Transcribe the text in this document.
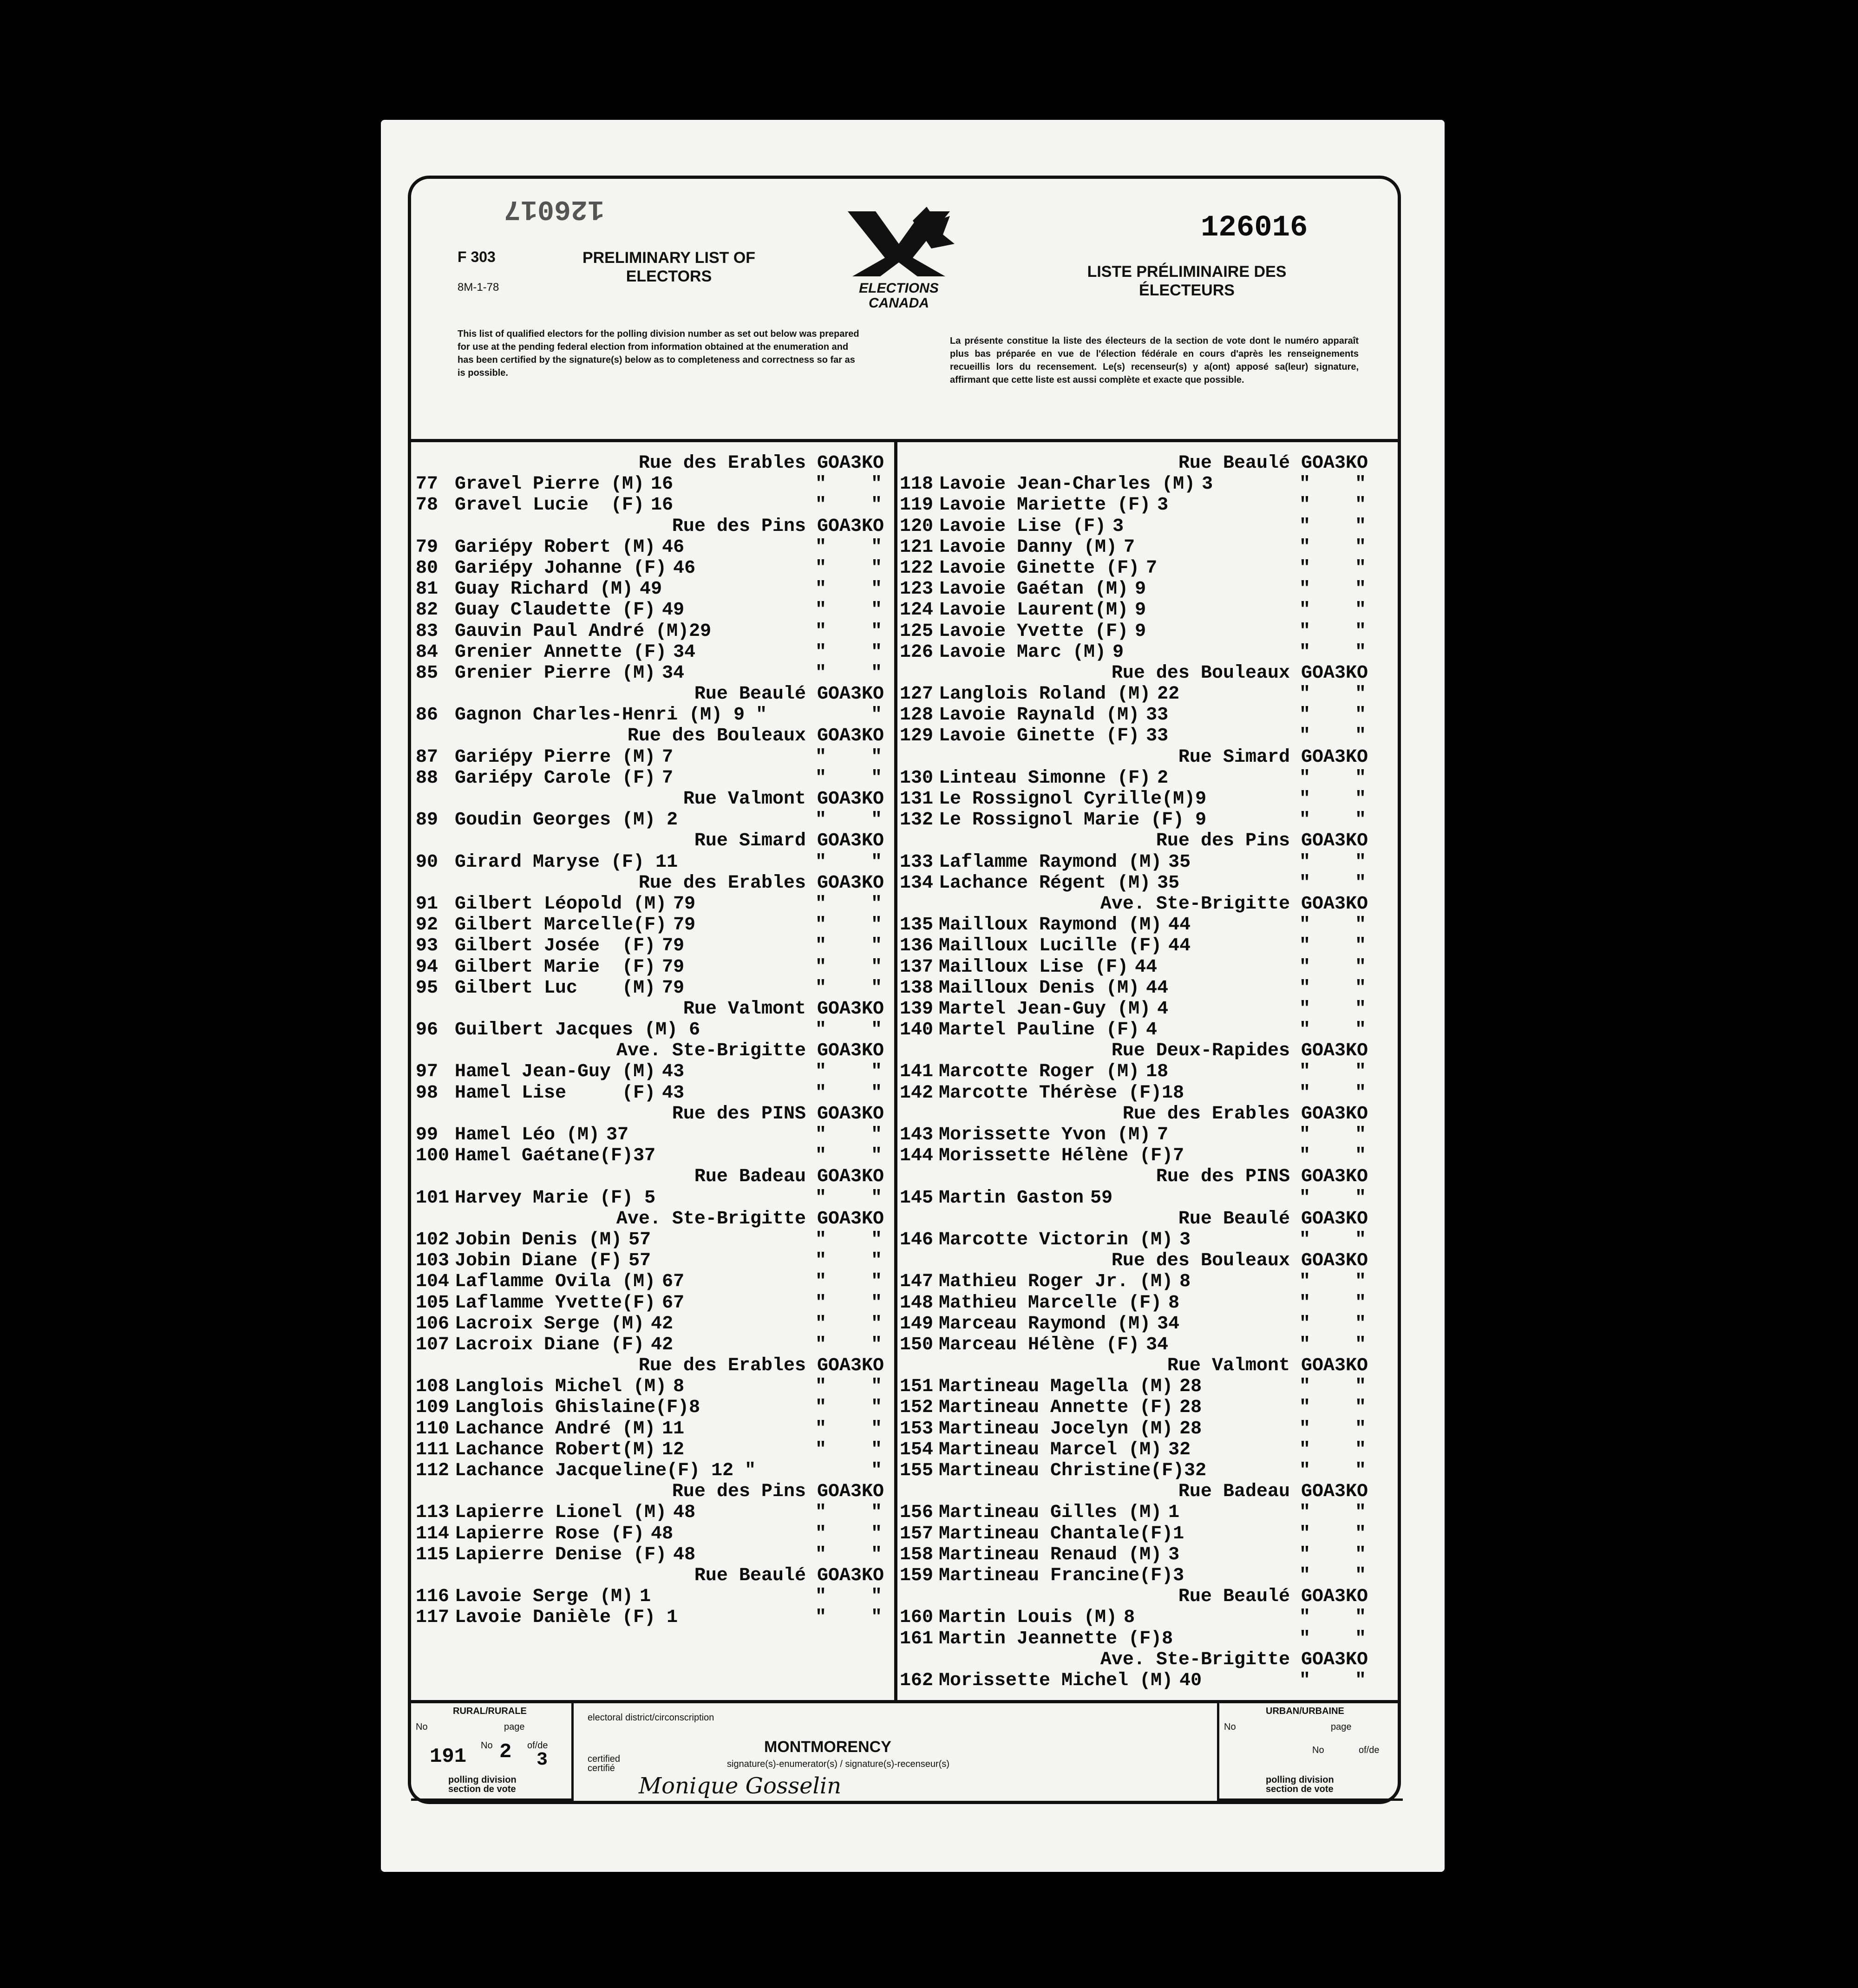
126017
F 303
8M-1-78
PRELIMINARY LIST OF ELECTORS
ELECTIONS CANADA
126016
LISTE PRÉLIMINAIRE DES ÉLECTEURS
This list of qualified electors for the polling division number as set out below was prepared for use at the pending federal election from information obtained at the enumeration and has been certified by the signature(s) below as to completeness and correctness so far as is possible.
La présente constitue la liste des électeurs de la section de vote dont le numéro apparaît plus bas préparée en vue de l'élection fédérale en cours d'après les renseignements recueillis lors du recensement. Le(s) recenseur(s) y a(ont) apposé sa(leur) signature, affirmant que cette liste est aussi complète et exacte que possible.
Rue des Erables GOA3KO
77 Gravel Pierre (M) 16	" "
78 Gravel Lucie  (F) 16	" "
Rue des Pins GOA3KO
79 Gariépy Robert (M) 46	" "
80 Gariépy Johanne (F) 46	" "
81 Guay Richard (M) 49	" "
82 Guay Claudette (F) 49	" "
83 Gauvin Paul André (M)29	" "
84 Grenier Annette (F) 34	" "
85 Grenier Pierre (M) 34	" "
Rue Beaulé GOA3KO
86 Gagnon Charles-Henri (M) 9 "	"
Rue des Bouleaux GOA3KO
87 Gariépy Pierre (M) 7	" "
88 Gariépy Carole (F) 7	" "
Rue Valmont GOA3KO
89 Goudin Georges (M) 2	" "
Rue Simard GOA3KO
90 Girard Maryse (F) 11	" "
Rue des Erables GOA3KO
91 Gilbert Léopold (M) 79	" "
92 Gilbert Marcelle(F) 79	" "
93 Gilbert Josée  (F) 79	" "
94 Gilbert Marie  (F) 79	" "
95 Gilbert Luc    (M) 79	" "
Rue Valmont GOA3KO
96 Guilbert Jacques (M) 6	" "
Ave. Ste-Brigitte GOA3KO
97 Hamel Jean-Guy (M) 43	" "
98 Hamel Lise     (F) 43	" "
Rue des PINS GOA3KO
99 Hamel Léo (M) 37	" "
100 Hamel Gaétane(F)37	" "
Rue Badeau GOA3KO
101 Harvey Marie (F) 5	" "
Ave. Ste-Brigitte GOA3KO
102 Jobin Denis (M) 57	" "
103 Jobin Diane (F) 57	" "
104 Laflamme Ovila (M) 67	" "
105 Laflamme Yvette(F) 67	" "
106 Lacroix Serge (M) 42	" "
107 Lacroix Diane (F) 42	" "
Rue des Erables GOA3KO
108 Langlois Michel (M) 8	" "
109 Langlois Ghislaine(F)8	" "
110 Lachance André (M) 11	" "
111 Lachance Robert(M) 12	" "
112 Lachance Jacqueline(F) 12 "	"
Rue des Pins GOA3KO
113 Lapierre Lionel (M) 48	" "
114 Lapierre Rose (F) 48	" "
115 Lapierre Denise (F) 48	" "
Rue Beaulé GOA3KO
116 Lavoie Serge (M) 1	" "
117 Lavoie Danièle (F) 1	" "
Rue Beaulé GOA3KO
118 Lavoie Jean-Charles (M) 3	" "
119 Lavoie Mariette (F) 3	" "
120 Lavoie Lise (F) 3	" "
121 Lavoie Danny (M) 7	" "
122 Lavoie Ginette (F) 7	" "
123 Lavoie Gaétan (M) 9	" "
124 Lavoie Laurent(M) 9	" "
125 Lavoie Yvette (F) 9	" "
126 Lavoie Marc (M) 9	" "
Rue des Bouleaux GOA3KO
127 Langlois Roland (M) 22	" "
128 Lavoie Raynald (M) 33	" "
129 Lavoie Ginette (F) 33	" "
Rue Simard GOA3KO
130 Linteau Simonne (F) 2	" "
131 Le Rossignol Cyrille(M)9	" "
132 Le Rossignol Marie (F) 9	" "
Rue des Pins GOA3KO
133 Laflamme Raymond (M) 35	" "
134 Lachance Régent (M) 35	" "
Ave. Ste-Brigitte GOA3KO
135 Mailloux Raymond (M) 44	" "
136 Mailloux Lucille (F) 44	" "
137 Mailloux Lise (F) 44	" "
138 Mailloux Denis (M) 44	" "
139 Martel Jean-Guy (M) 4	" "
140 Martel Pauline (F) 4	" "
Rue Deux-Rapides GOA3KO
141 Marcotte Roger (M) 18	" "
142 Marcotte Thérèse (F)18	" "
Rue des Erables GOA3KO
143 Morissette Yvon (M) 7	" "
144 Morissette Hélène (F)7	" "
Rue des PINS GOA3KO
145 Martin Gaston 59	" "
Rue Beaulé GOA3KO
146 Marcotte Victorin (M) 3	" "
Rue des Bouleaux GOA3KO
147 Mathieu Roger Jr. (M) 8	" "
148 Mathieu Marcelle (F) 8	" "
149 Marceau Raymond (M) 34	" "
150 Marceau Hélène (F) 34	" "
Rue Valmont GOA3KO
151 Martineau Magella (M) 28	" "
152 Martineau Annette (F) 28	" "
153 Martineau Jocelyn (M) 28	" "
154 Martineau Marcel (M) 32	" "
155 Martineau Christine(F)32	" "
Rue Badeau GOA3KO
156 Martineau Gilles (M) 1	" "
157 Martineau Chantale(F)1	" "
158 Martineau Renaud (M) 3	" "
159 Martineau Francine(F)3	" "
Rue Beaulé GOA3KO
160 Martin Louis (M) 8	" "
161 Martin Jeannette (F)8	" "
Ave. Ste-Brigitte GOA3KO
162 Morissette Michel (M) 40	" "
RURAL/RURALE
No	page
191 No 2 of/de
3
polling division
section de vote
electoral district/circonscription
MONTMORENCY
certified
certifié	signature(s)-enumerator(s) / signature(s)-recenseur(s)
Monique Gosselin
URBAN/URBAINE
No	page
No	of/de
polling division
section de vote
